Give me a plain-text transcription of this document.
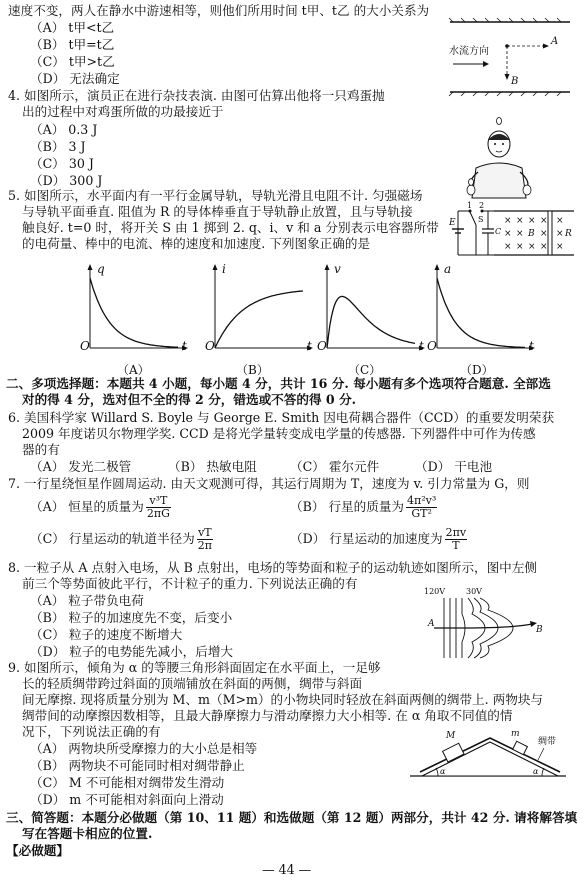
速度不变，两人在静水中游速相等，则他们所用时间 t甲、t乙 的大小关系为
（A） t甲<t乙
（B） t甲=t乙
（C） t甲>t乙
（D） 无法确定
水流方向
A
B
4. 如图所示，演员正在进行杂技表演. 由图可估算出他将一只鸡蛋抛
出的过程中对鸡蛋所做的功最接近于
（A） 0.3 J
（B） 3 J
（C） 30 J
（D） 300 J
5. 如图所示，水平面内有一平行金属导轨，导轨光滑且电阻不计. 匀强磁场
与导轨平面垂直. 阻值为 R 的导体棒垂直于导轨静止放置，且与导轨接
触良好. t=0 时，将开关 S 由 1 掷到 2. q、i、v 和 a 分别表示电容器所带
的电荷量、棒中的电流、棒的速度和加速度. 下列图象正确的是
E
1 2
S
C
× × × × ×
× × × ×
× × × × ×
B	R
q
t
O
（A）
i
t
O
（B）
v
t
O
（C）
a
t
O
（D）
二、多项选择题：本题共 4 小题，每小题 4 分，共计 16 分. 每小题有多个选项符合题意. 全部选
对的得 4 分，选对但不全的得 2 分，错选或不答的得 0 分.
6. 美国科学家 Willard S. Boyle 与 George E. Smith 因电荷耦合器件（CCD）的重要发明荣获
2009 年度诺贝尔物理学奖. CCD 是将光学量转变成电学量的传感器. 下列器件中可作为传感
器的有
（A） 发光二极管	（B） 热敏电阻	（C） 霍尔元件	（D） 干电池
7. 一行星绕恒星作圆周运动. 由天文观测可得，其运行周期为 T，速度为 v. 引力常量为 G，则
（A） 恒星的质量为 $\frac{\text{v³T}}{2\pi G}$	（B） 行星的质量为 $\frac{\text{4π²v³}}{\text{GT²}}$
（C） 行星运动的轨道半径为 $\frac{vT}{2\pi}$	（D） 行星运动的加速度为 $\frac{2\pi v}{T}$
8. 一粒子从 A 点射入电场，从 B 点射出，电场的等势面和粒子的运动轨迹如图所示，图中左侧
前三个等势面彼此平行，不计粒子的重力. 下列说法正确的有
（A） 粒子带负电荷
（B） 粒子的加速度先不变，后变小
（C） 粒子的速度不断增大
（D） 粒子的电势能先减小，后增大
120V	30V
A
B
9. 如图所示，倾角为 α 的等腰三角形斜面固定在水平面上，一足够
长的轻质绸带跨过斜面的顶端铺放在斜面的两侧，绸带与斜面
间无摩擦. 现将质量分别为 M、m（M>m）的小物块同时轻放在斜面两侧的绸带上. 两物块与
绸带间的动摩擦因数相等，且最大静摩擦力与滑动摩擦力大小相等. 在 α 角取不同值的情
况下，下列说法正确的有
（A） 两物块所受摩擦力的大小总是相等
（B） 两物块不可能同时相对绸带静止
（C） M 不可能相对绸带发生滑动
（D） m 不可能相对斜面向上滑动
M	m
α	α
绸带
三、简答题：本题分必做题（第 10、11 题）和选做题（第 12 题）两部分，共计 42 分. 请将解答填
写在答题卡相应的位置.
【必做题】
— 44 —
